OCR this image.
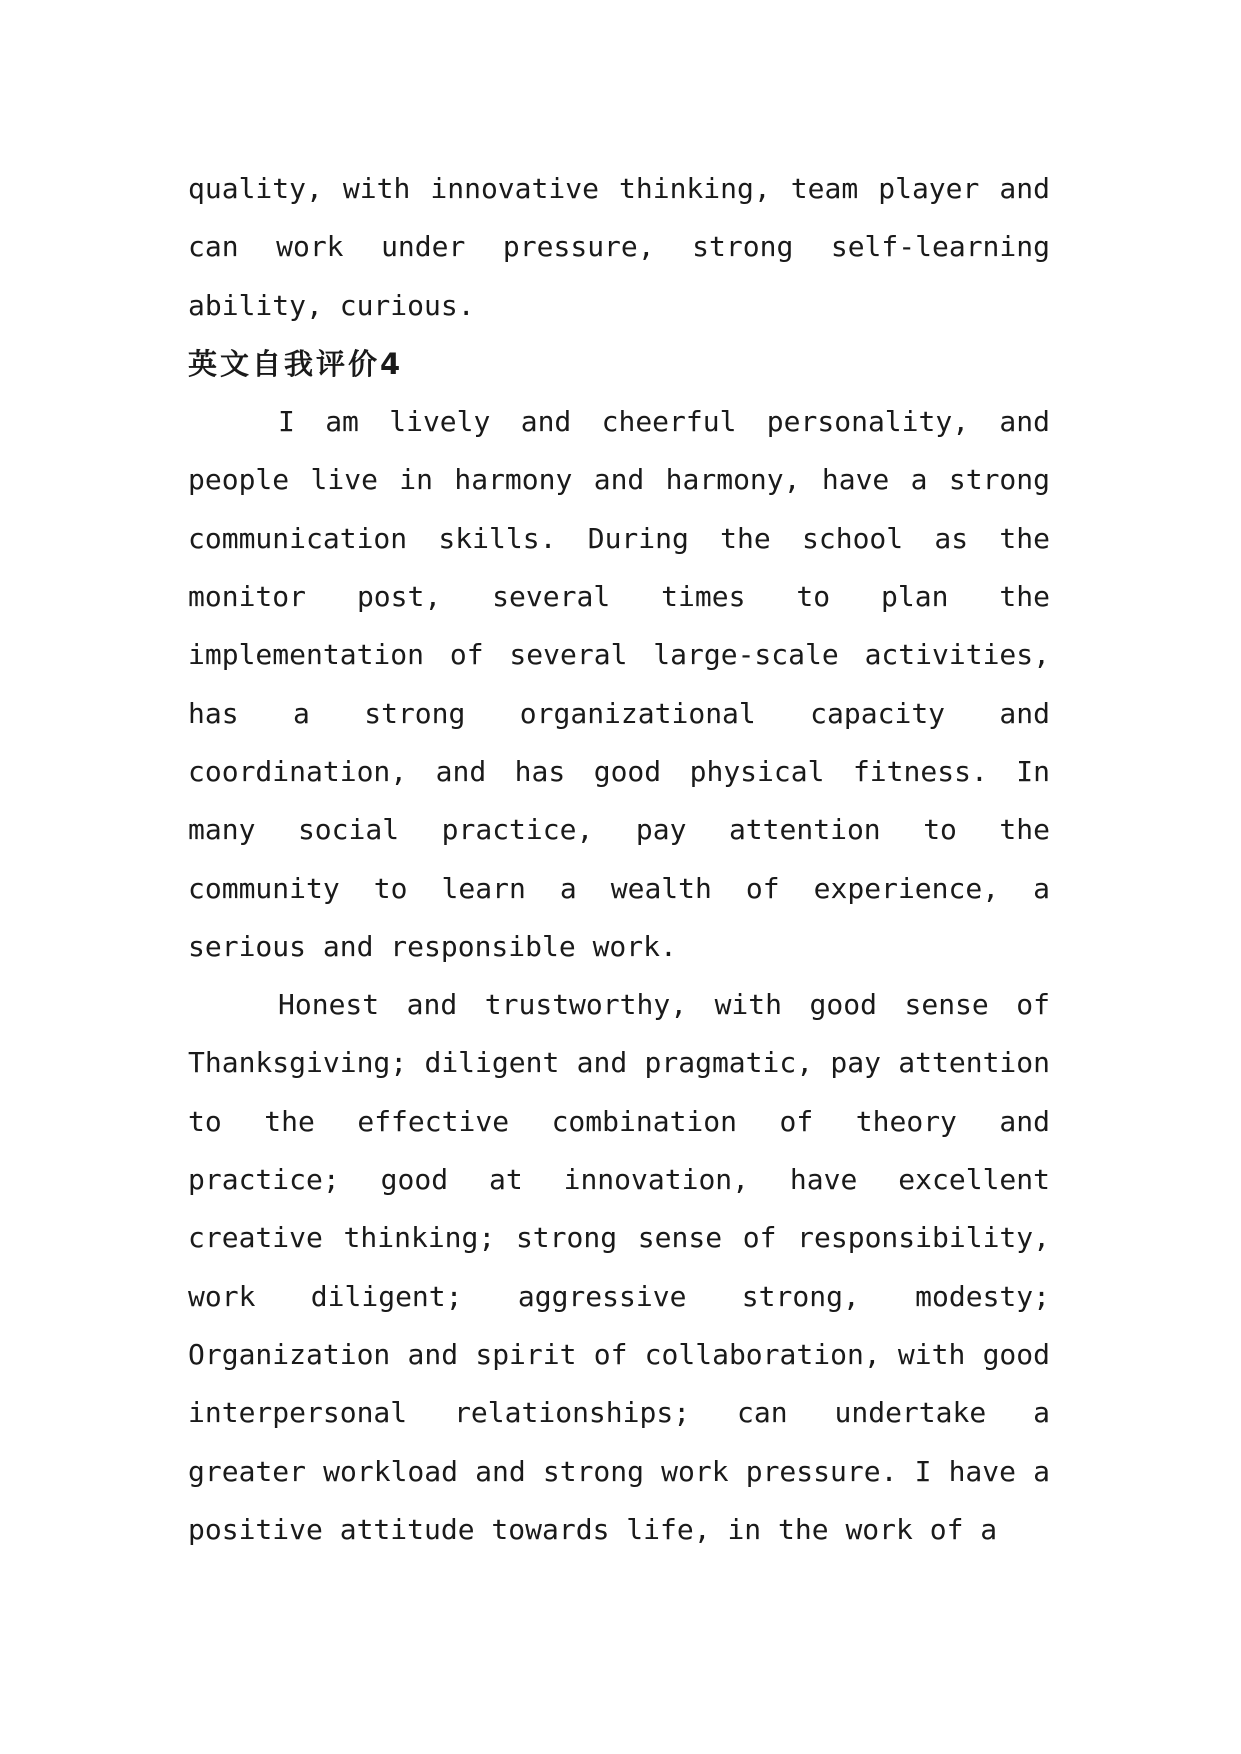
quality, with innovative thinking, team player and can work under pressure, strong self-learning ability, curious.

英文自我评价4

I am lively and cheerful personality, and people live in harmony and harmony, have a strong communication skills. During the school as the monitor post, several times to plan the implementation of several large-scale activities, has a strong organizational capacity and coordination, and has good physical fitness. In many social practice, pay attention to the community to learn a wealth of experience, a serious and responsible work.

Honest and trustworthy, with good sense of Thanksgiving; diligent and pragmatic, pay attention to the effective combination of theory and practice; good at innovation, have excellent creative thinking; strong sense of responsibility, work diligent; aggressive strong, modesty; Organization and spirit of collaboration, with good interpersonal relationships; can undertake a greater workload and strong work pressure. I have a positive attitude towards life, in the work of a
